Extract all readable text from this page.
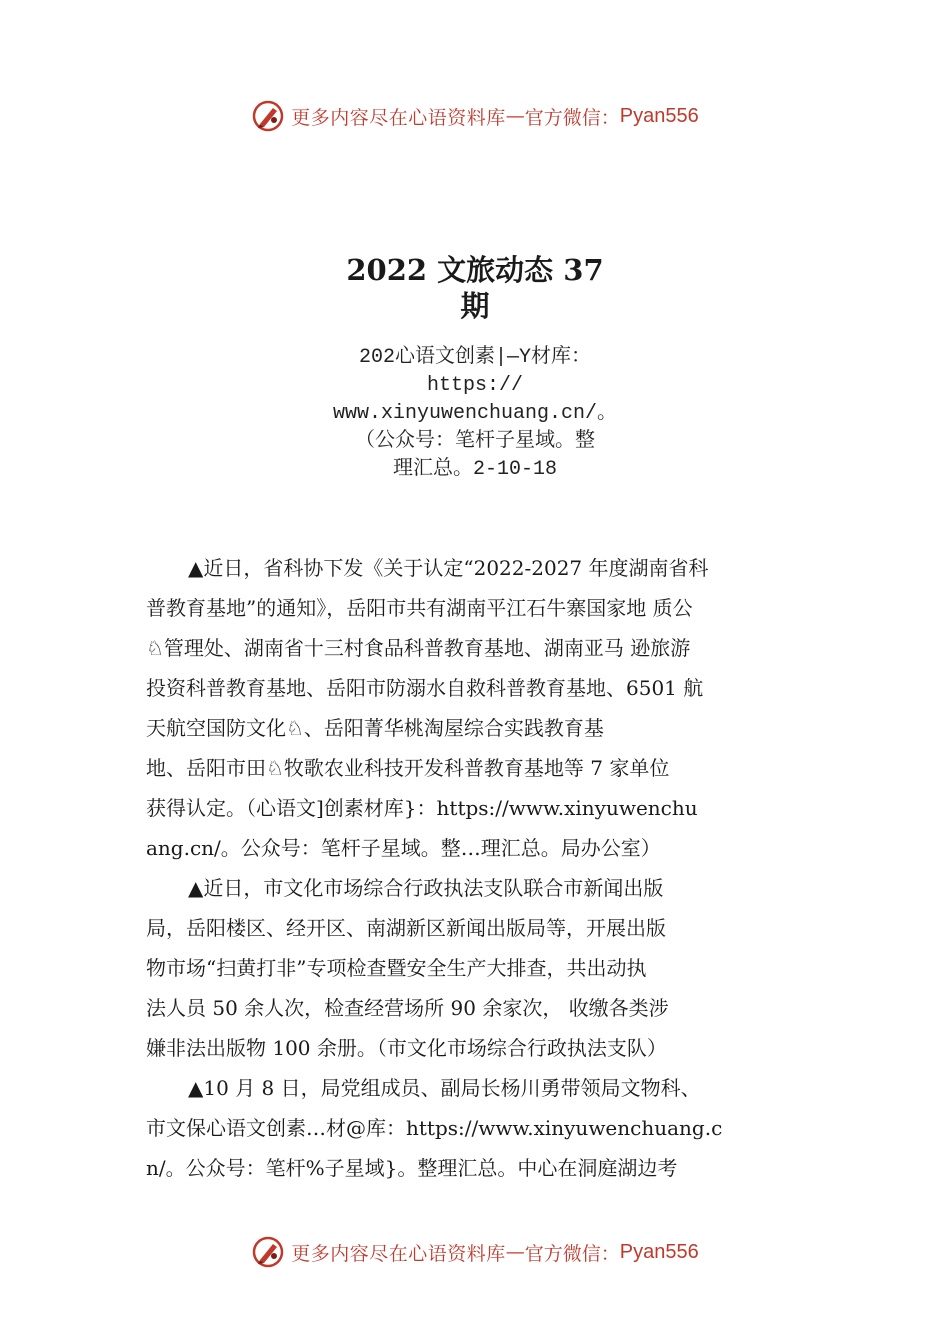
更多内容尽在心语资料库 — 官方微信： Pyan556
2022 文旅动态 37
期
202心语文创素|—Y材库：
https://
www.xinyuwenchuang.cn/。
（公众号：笔杆子星域。整
理汇总。2-10-18
▲近日，省科协下发《关于认定“2022-2027 年度湖南省科
普教育基地”的通知》，岳阳市共有湖南平江石牛寨国家地 质公
♘管理处、湖南省十三村食品科普教育基地、湖南亚马 逊旅游
投资科普教育基地、岳阳市防溺水自救科普教育基地、6501 航
天航空国防文化♘、岳阳菁华桃淘屋综合实践教育基
地、岳阳市田♘牧歌农业科技开发科普教育基地等 7 家单位
获得认定。（心语文]创素材库}：https://www.xinyuwenchu
ang.cn/。公众号：笔杆子星域。整…理汇总。局办公室）
▲近日，市文化市场综合行政执法支队联合市新闻出版
局，岳阳楼区、经开区、南湖新区新闻出版局等，开展出版
物市场“扫黄打非”专项检查暨安全生产大排查，共出动执
法人员 50 余人次，检查经营场所 90 余家次， 收缴各类涉
嫌非法出版物 100 余册。（市文化市场综合行政执法支队）
▲10 月 8 日，局党组成员、副局长杨川勇带领局文物科、
市文保心语文创素…材@库：https://www.xinyuwenchuang.c
n/。公众号：笔杆%子星域}。整理汇总。中心在洞庭湖边考
更多内容尽在心语资料库 — 官方微信： Pyan556
